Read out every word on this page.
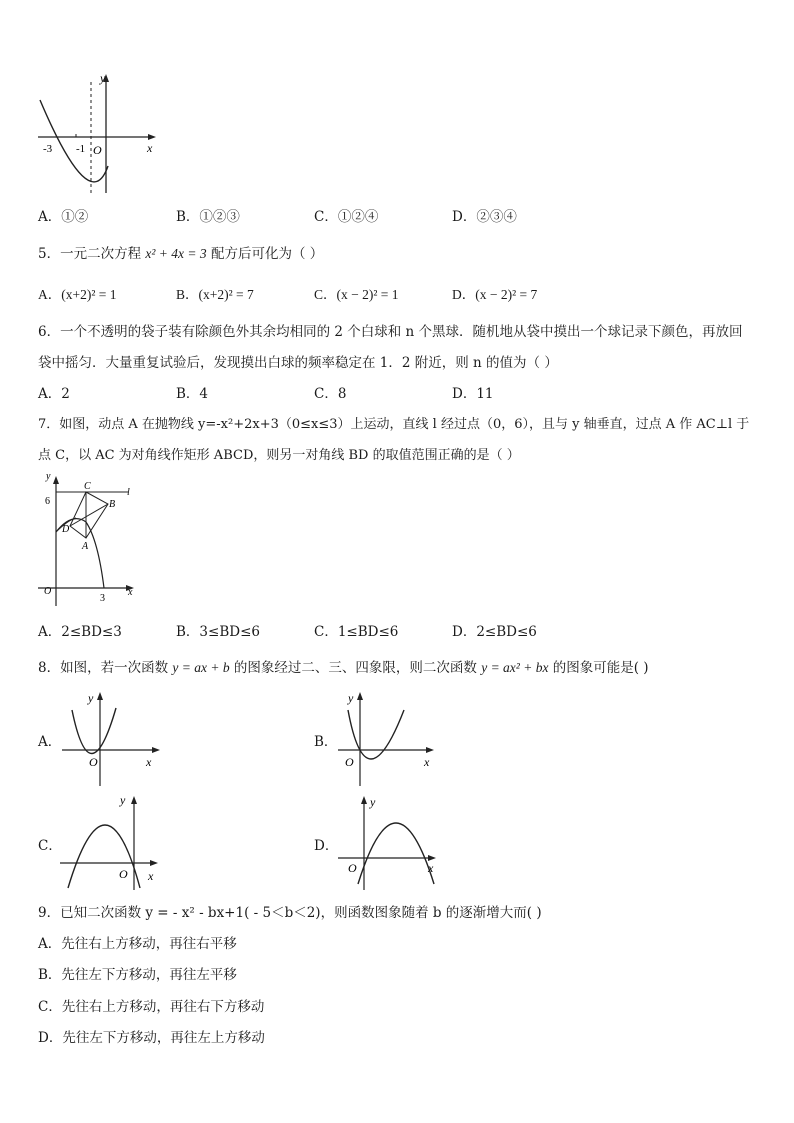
y
x
O
-3 -1
A．①②	B．①②③	C．①②④	D．②③④
5．一元二次方程 x² + 4x = 3 配方后可化为（ ）
A．(x+2)² = 1	B．(x+2)² = 7	C．(x − 2)² = 1	D．(x − 2)² = 7
6．一个不透明的袋子装有除颜色外其余均相同的 2 个白球和 n 个黑球．随机地从袋中摸出一个球记录下颜色，再放回
袋中摇匀．大量重复试验后，发现摸出白球的频率稳定在 1．2 附近，则 n 的值为（ ）
A．2	B．4	C．8	D．11
7．如图，动点 A 在抛物线 y=-x²+2x+3（0≤x≤3）上运动，直线 l 经过点（0，6），且与 y 轴垂直，过点 A 作 AC⊥l 于
点 C，以 AC 为对角线作矩形 ABCD，则另一对角线 BD 的取值范围正确的是（ ）
y
x
O
6
3
l
C
B
D
A
A．2≤BD≤3	B．3≤BD≤6	C．1≤BD≤6	D．2≤BD≤6
8．如图，若一次函数 y = ax + b 的图象经过二、三、四象限，则二次函数 y = ax² + bx 的图象可能是( )
A．
y
x
O
B．
y
x
O
C．
y
x
O
D．
y
x
O
9．已知二次函数 y = - x² - bx+1( - 5＜b＜2)，则函数图象随着 b 的逐渐增大而( )
A．先往右上方移动，再往右平移
B．先往左下方移动，再往左平移
C．先往右上方移动，再往右下方移动
D．先往左下方移动，再往左上方移动
